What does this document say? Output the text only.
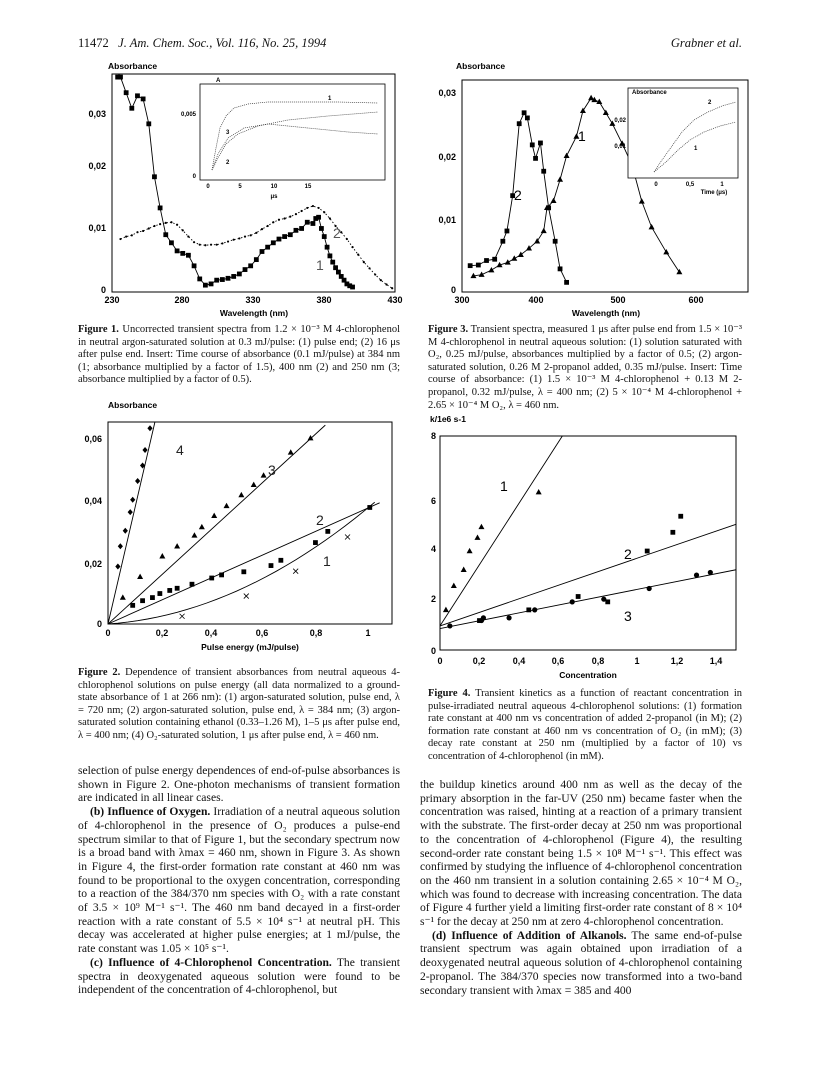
11472 J. Am. Chem. Soc., Vol. 116, No. 25, 1994	Grabner et al.
Absorbance
0
0,01
0,02
0,03
230	280	330	380	430
Wavelength (nm)
1
2
0
0,005
0	5	10	15
μs
A
1
2
3
Figure 1. Uncorrected transient spectra from 1.2 × 10⁻³ M 4-chlorophenol in neutral argon-saturated solution at 0.3 mJ/pulse: (1) pulse end; (2) 16 μs after pulse end. Insert: Time course of absorbance (0.1 mJ/pulse) at 384 nm (1; absorbance multiplied by a factor of 1.5), 400 nm (2) and 250 nm (3; absorbance multiplied by a factor of 0.5).
Absorbance
0
0,02
0,04
0,06
0	0,2	0,4	0,6	0,8	1
Pulse energy (mJ/pulse)
1
2
3
4
Figure 2. Dependence of transient absorbances from neutral aqueous 4-chlorophenol solutions on pulse energy (all data normalized to a ground-state absorbance of 1 at 266 nm): (1) argon-saturated solution, pulse end, λ = 720 nm; (2) argon-saturated solution, pulse end, λ = 384 nm; (3) argon-saturated solution containing ethanol (0.33–1.26 M), 1–5 μs after pulse end, λ = 400 nm; (4) O₂-saturated solution, 1 μs after pulse end, λ = 460 nm.
Absorbance
0
0,01
0,02
0,03
300	400	500	600
Wavelength (nm)
1
2
Absorbance
0,01
0,02
0	0,5	1
Time (μs)
2
1
Figure 3. Transient spectra, measured 1 μs after pulse end from 1.5 × 10⁻³ M 4-chlorophenol in neutral aqueous solution: (1) solution saturated with O₂, 0.25 mJ/pulse, absorbances multiplied by a factor of 0.5; (2) argon-saturated solution, 0.26 M 2-propanol added, 0.35 mJ/pulse. Insert: Time course of absorbance: (1) 1.5 × 10⁻³ M 4-chlorophenol + 0.13 M 2-propanol, 0.32 mJ/pulse, λ = 400 nm; (2) 5 × 10⁻⁴ M 4-chlorophenol + 2.65 × 10⁻⁴ M O₂, λ = 460 nm.
k/1e6 s-1
0
2
4
6
8
0	0,2	0,4	0,6	0,8	1	1,2	1,4
Concentration
1
2
3
Figure 4. Transient kinetics as a function of reactant concentration in pulse-irradiated neutral aqueous 4-chlorophenol solutions: (1) formation rate constant at 400 nm vs concentration of added 2-propanol (in M); (2) formation rate constant at 460 nm vs concentration of O₂ (in mM); (3) decay rate constant at 250 nm (multiplied by a factor of 10) vs concentration of 4-chlorophenol (in mM).

selection of pulse energy dependences of end-of-pulse absorbances is shown in Figure 2. One-photon mechanisms of transient formation are indicated in all linear cases.

(b) Influence of Oxygen. Irradiation of a neutral aqueous solution of 4-chlorophenol in the presence of O₂ produces a pulse-end spectrum similar to that of Figure 1, but the secondary spectrum now is a broad band with λmax = 460 nm, shown in Figure 3. As shown in Figure 4, the first-order formation rate constant at 460 nm was found to be proportional to the oxygen concentration, corresponding to a reaction of the 384/370 nm species with O₂ with a rate constant of 3.5 × 10⁹ M⁻¹ s⁻¹. The 460 nm band decayed in a first-order reaction with a rate constant of 5.5 × 10⁴ s⁻¹ at neutral pH. This decay was accelerated at higher pulse energies; at 1 mJ/pulse, the rate constant was 1.05 × 10⁵ s⁻¹.

(c) Influence of 4-Chlorophenol Concentration. The transient spectra in deoxygenated aqueous solution were found to be independent of the concentration of 4-chlorophenol, but

the buildup kinetics around 400 nm as well as the decay of the primary absorption in the far-UV (250 nm) became faster when the concentration was raised, hinting at a reaction of a primary transient with the substrate. The first-order decay at 250 nm was proportional to the concentration of 4-chlorophenol (Figure 4), the resulting second-order rate constant being 1.5 × 10⁸ M⁻¹ s⁻¹. This effect was confirmed by studying the influence of 4-chlorophenol concentration on the 460 nm transient in a solution containing 2.65 × 10⁻⁴ M O₂, which was found to decrease with increasing concentration. The data of Figure 4 further yield a limiting first-order rate constant of 8 × 10⁴ s⁻¹ for the decay at 250 nm at zero 4-chlorophenol concentration.

(d) Influence of Addition of Alkanols. The same end-of-pulse transient spectrum was again obtained upon irradiation of a deoxygenated neutral aqueous solution of 4-chlorophenol containing 2-propanol. The 384/370 species now transformed into a two-band secondary transient with λmax = 385 and 400
